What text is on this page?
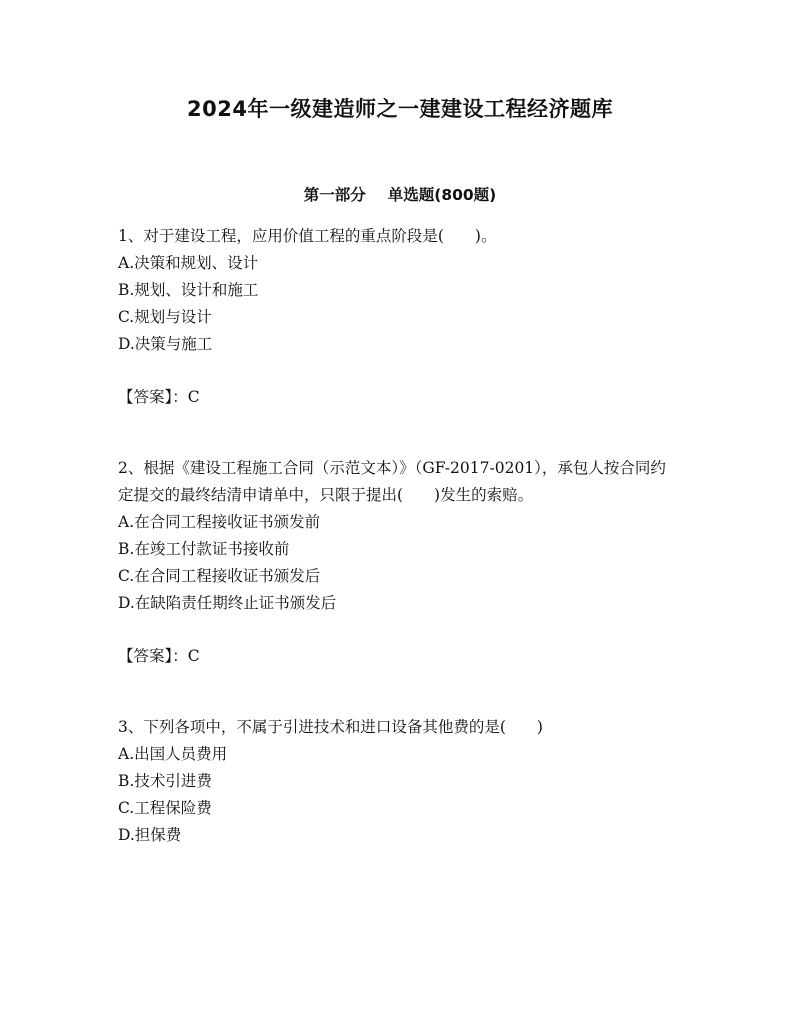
2024年一级建造师之一建建设工程经济题库
第一部分 单选题(800题)

1、对于建设工程，应用价值工程的重点阶段是(　　)。

A.决策和规划、设计
B.规划、设计和施工
C.规划与设计
D.决策与施工

【答案】：C

2、根据《建设工程施工合同（示范文本）》（GF-2017-0201），承包人按合同约定提交的最终结清申请单中，只限于提出(　　)发生的索赔。

A.在合同工程接收证书颁发前
B.在竣工付款证书接收前
C.在合同工程接收证书颁发后
D.在缺陷责任期终止证书颁发后

【答案】：C

3、下列各项中，不属于引进技术和进口设备其他费的是(　　)

A.出国人员费用
B.技术引进费
C.工程保险费
D.担保费
